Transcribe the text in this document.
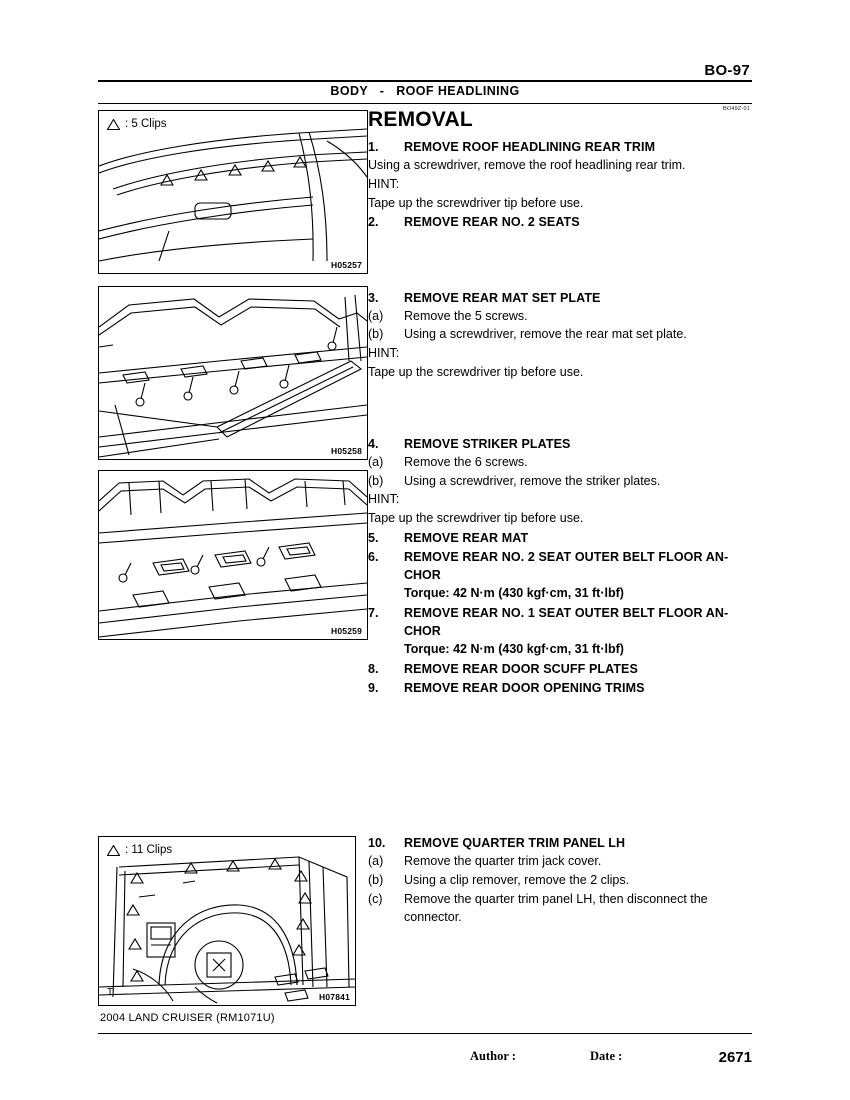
BO-97
BODY - ROOF HEADLINING
BO49Z-01
: 5 Clips
H05257
H05258
H05259
T
: 11 Clips
H07841
REMOVAL
1.	REMOVE ROOF HEADLINING REAR TRIM
Using a screwdriver, remove the roof headlining rear trim.
HINT:
Tape up the screwdriver tip before use.
2.	REMOVE REAR NO. 2 SEATS
3.	REMOVE REAR MAT SET PLATE
(a)	Remove the 5 screws.
(b)	Using a screwdriver, remove the rear mat set plate.
HINT:
Tape up the screwdriver tip before use.
4.	REMOVE STRIKER PLATES
(a)	Remove the 6 screws.
(b)	Using a screwdriver, remove the striker plates.
HINT:
Tape up the screwdriver tip before use.
5.	REMOVE REAR MAT
6.	REMOVE REAR NO. 2 SEAT OUTER BELT FLOOR AN-
CHOR
Torque: 42 N·m (430 kgf·cm, 31 ft·lbf)
7.	REMOVE REAR NO. 1 SEAT OUTER BELT FLOOR AN-
CHOR
Torque: 42 N·m (430 kgf·cm, 31 ft·lbf)
8.	REMOVE REAR DOOR SCUFF PLATES
9.	REMOVE REAR DOOR OPENING TRIMS
10.	REMOVE QUARTER TRIM PANEL LH
(a)	Remove the quarter trim jack cover.
(b)	Using a clip remover, remove the 2 clips.
(c)	Remove the quarter trim panel LH, then disconnect the
connector.
2004 LAND CRUISER (RM1071U)
Author :	Date :	2671
